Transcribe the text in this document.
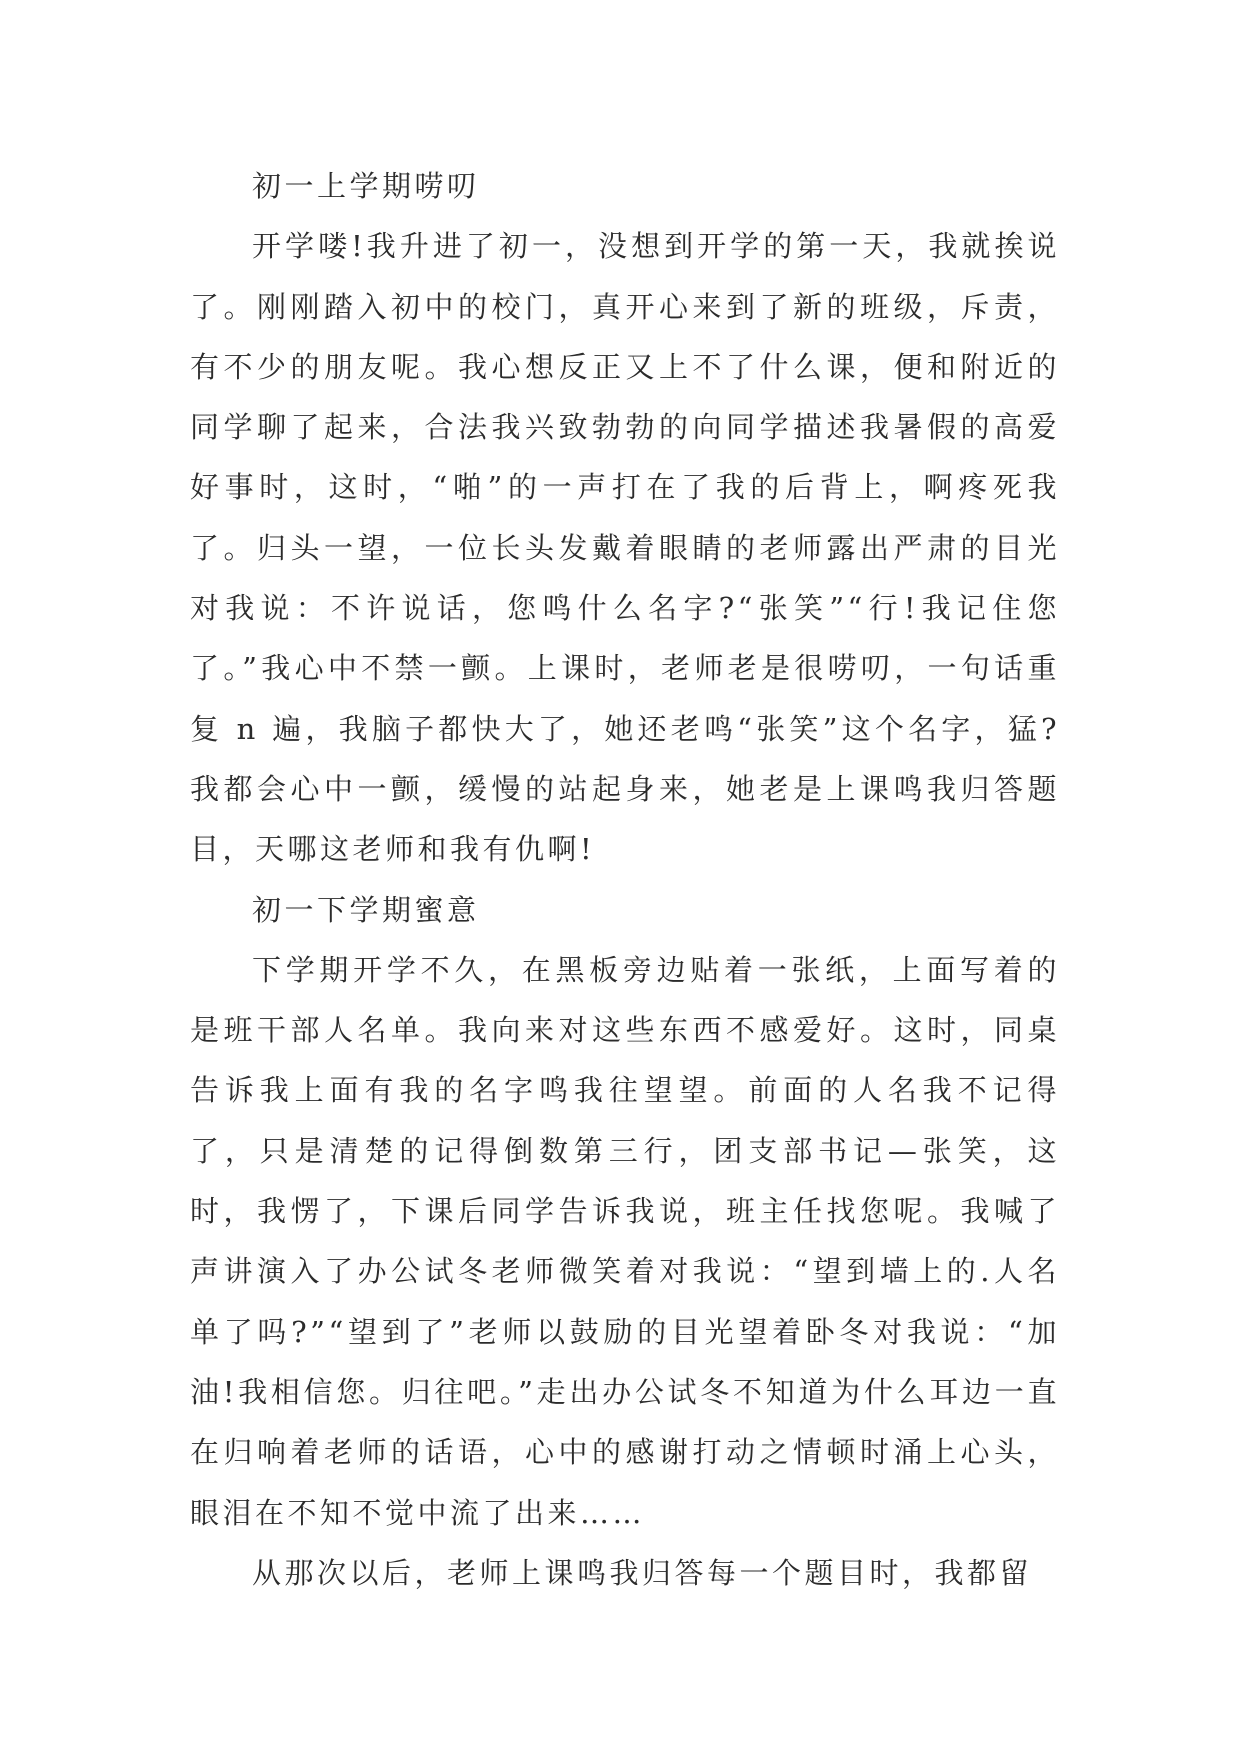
初一上学期唠叨

开学喽!我升进了初一，没想到开学的第一天，我就挨说了。刚刚踏入初中的校门，真开心来到了新的班级，斥责，有不少的朋友呢。我心想反正又上不了什么课，便和附近的同学聊了起来，合法我兴致勃勃的向同学描述我暑假的高爱好事时，这时，“啪”的一声打在了我的后背上，啊疼死我了。归头一望，一位长头发戴着眼睛的老师露出严肃的目光对我说：不许说话，您鸣什么名字?“张笑”“行!我记住您了。”我心中不禁一颤。上课时，老师老是很唠叨，一句话重复 n 遍，我脑子都快大了，她还老鸣“张笑”这个名字，猛?我都会心中一颤，缓慢的站起身来，她老是上课鸣我归答题目，天哪这老师和我有仇啊!

初一下学期蜜意

下学期开学不久，在黑板旁边贴着一张纸，上面写着的是班干部人名单。我向来对这些东西不感爱好。这时，同桌告诉我上面有我的名字鸣我往望望。前面的人名我不记得了，只是清楚的记得倒数第三行，团支部书记—张笑，这时，我愣了，下课后同学告诉我说，班主任找您呢。我喊了声讲演入了办公试冬老师微笑着对我说：“望到墙上的.人名单了吗?”“望到了”老师以鼓励的目光望着卧冬对我说：“加油!我相信您。归往吧。”走出办公试冬不知道为什么耳边一直在归响着老师的话语，心中的感谢打动之情顿时涌上心头，眼泪在不知不觉中流了出来……

从那次以后，老师上课鸣我归答每一个题目时，我都留
